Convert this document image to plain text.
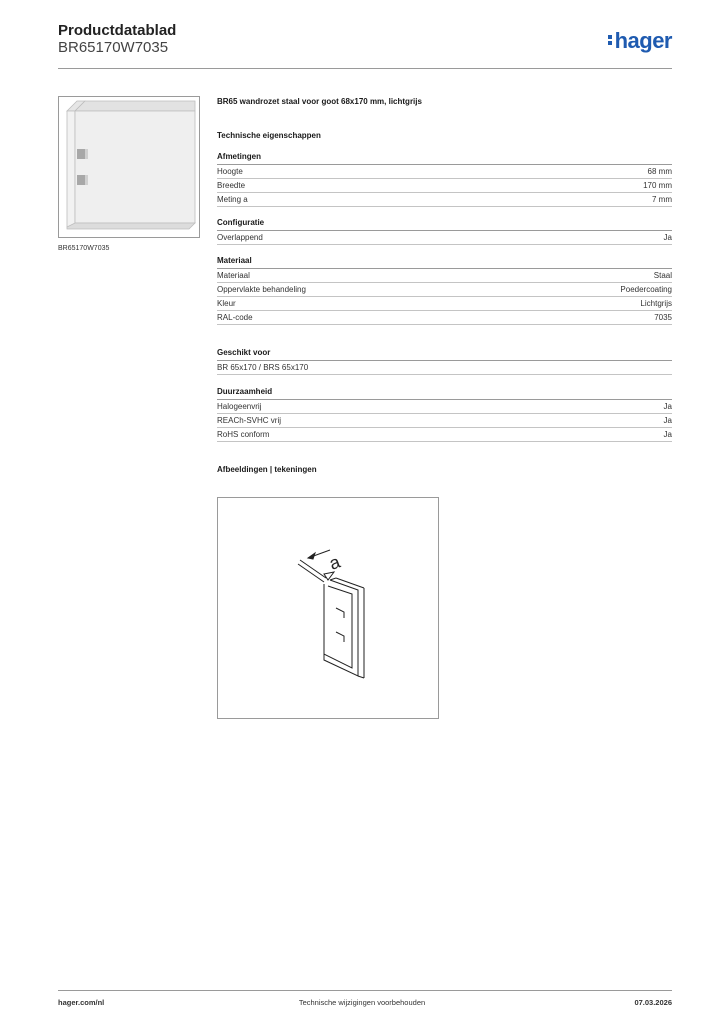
Productdatablad
BR65170W7035	hager
BR65170W7035
BR65 wandrozet staal voor goot 68x170 mm, lichtgrijs
Technische eigenschappen
Afmetingen
Hoogte	68 mm
Breedte	170 mm
Meting a	7 mm
Configuratie
Overlappend	Ja
Materiaal
Materiaal	Staal
Oppervlakte behandeling	Poedercoating
Kleur	Lichtgrijs
RAL-code	7035
Geschikt voor
BR 65x170 / BRS 65x170
Duurzaamheid
Halogeenvrij	Ja
REACh-SVHC vrij	Ja
RoHS conform	Ja
Afbeeldingen | tekeningen
a
hager.com/nl	Technische wijzigingen voorbehouden	07.03.2026
